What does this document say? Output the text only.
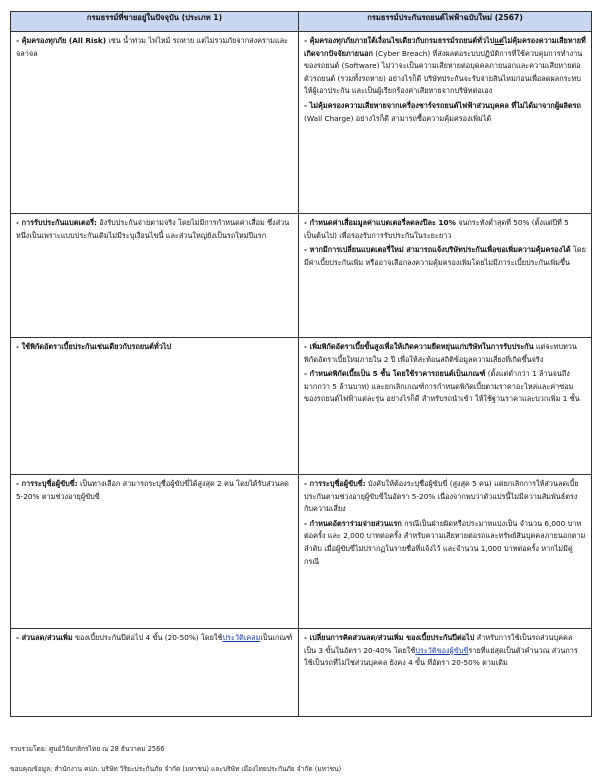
กรมธรรม์ที่ขายอยู่ในปัจจุบัน (ประเภท 1)	กรมธรรม์ประกันรถยนต์ไฟฟ้าฉบับใหม่ (2567)

- คุ้มครองทุกภัย (All Risk) เช่น น้ำท่วม ไฟไหม้ รถหาย แต่ไม่รวมภัยจากสงครามและจลาจล	- คุ้มครองทุกภัยภายใต้เงื่อนไขเดียวกับกรมธรรม์รถยนต์ทั่วไปแต่ไม่คุ้มครองความเสียหายที่เกิดจากปัจจัยภายนอก (Cyber Breach) ที่ส่งผลต่อระบบปฏิบัติการที่ใช้ควบคุมการทำงานของรถยนต์ (Software) ไม่ว่าจะเป็นความเสียหายต่อบุคคลภายนอกและความเสียหายต่อตัวรถยนต์ (รวมทั้งรถหาย) อย่างไรก็ดี บริษัทประกันจะรับจ่ายสินไหมก่อนเพื่อลดผลกระทบให้ผู้เอาประกัน และเป็นผู้เรียกร้องค่าเสียหายจากบริษัทต่อเอง
- ไม่คุ้มครองความเสียหายจากเครื่องชาร์จรถยนต์ไฟฟ้าส่วนบุคคล ที่ไม่ได้มาจากผู้ผลิตรถ (Wall Charge) อย่างไรก็ดี สามารถซื้อความคุ้มครองเพิ่มได้

- การรับประกันแบตเตอรี่: อังรับประกันจ่ายตามจริง โดยไม่มีการกำหนดค่าเสื่อม ซึ่งส่วนหนึ่งเป็นเพราะแบบประกันเดิมไม่มีระบุเงื่อนไขนี้ และส่วนใหญ่ยังเป็นรถใหม่ปีแรก	- กำหนดค่าเสื่อมมูลค่าแบตเตอรี่ลดลงปีละ 10% จนกระทั่งต่ำสุดที่ 50% (ตั้งแต่ปีที่ 5 เป็นต้นไป) เพื่อรองรับการรับประกันในระยะยาว
- หากมีการเปลี่ยนแบตเตอรี่ใหม่ สามารถแจ้งบริษัทประกันเพื่อขอเพิ่มความคุ้มครองได้ โดยมีค่าเบี้ยประกันเพิ่ม หรืออาจเลือกลงความคุ้มครองเพิ่มโดยไม่มีภาระเบี้ยประกันเพิ่มขึ้น

- ใช้พิกัดอัตราเบี้ยประกันเช่นเดียวกับรถยนต์ทั่วไป	- เพิ่มพิกัดอัตราเบี้ยขั้นสูงเพื่อให้เกิดความยืดหยุ่นแก่บริษัทในการรับประกัน แต่จะทบทวนพิกัดอัตราเบี้ยใหม่ภายใน 2 ปี เพื่อให้สะท้อนสถิติข้อมูลความเสี่ยงที่เกิดขึ้นจริง
- กำหนดพิกัดเบี้ยเป็น 5 ชั้น โดยใช้ราคารถยนต์เป็นเกณฑ์ (ตั้งแต่ต่ำกว่า 1 ล้านจนถึงมากกว่า 5 ล้านบาท) และยกเลิกเกณฑ์การกำหนดพิกัดเบี้ยตามราคาอะไหล่และค่าซ่อมของรถยนต์ไฟฟ้าแต่ละรุ่น อย่างไรก็ดี สำหรับรถนำเข้า ให้ใช้ฐานราคาและบวกเพิ่ม 1 ชั้น

- การระบุชื่อผู้ขับขี่: เป็นทางเลือก สามารถระบุชื่อผู้ขับขี่ได้สูงสุด 2 คน โดยได้รับส่วนลด 5-20% ตามช่วงอายุผู้ขับขี่	- การระบุชื่อผู้ขับขี่: บังคับให้ต้องระบุชื่อผู้ขับขี่ (สูงสุด 5 คน) แต่ยกเลิกการให้ส่วนลดเบี้ยประกันตามช่วงอายุผู้ขับขี่ในอัตรา 5-20% เนื่องจากพบว่าตัวแปรนี้ไม่มีความสัมพันธ์ตรงกับความเสี่ยง
- กำหนดอัตราร่วมจ่ายส่วนแรก กรณีเป็นฝ่ายผิดหรือประมาทแบ่งเป็น จำนวน 6,000 บาทต่อครั้ง และ 2,000 บาทต่อครั้ง สำหรับความเสียหายต่อรถและทรัพย์สินบุคคลภายนอกตามลำดับ เมื่อผู้ขับขี่ไม่ปรากฏในรายชื่อที่แจ้งไว้ และจำนวน 1,000 บาทต่อครั้ง หากไม่มีคู่กรณี

- ส่วนลด/ส่วนเพิ่ม ของเบี้ยประกันปีต่อไป 4 ขั้น (20-50%) โดยใช้ประวัติเคลมเป็นเกณฑ์	- เปลี่ยนการคิดส่วนลด/ส่วนเพิ่ม ของเบี้ยประกันปีต่อไป สำหรับการใช้เป็นรถส่วนบุคคล เป็น 3 ขั้นในอัตรา 20-40% โดยใช้ประวัติของผู้ขับขี่รายที่แย่สุดเป็นตัวคำนวณ ส่วนการใช้เป็นรถที่ไม่ใช่ส่วนบุคคล ยังคง 4 ขั้น ที่อัตรา 20-50% ตามเดิม
รวบรวมโดย: ศูนย์วิจัยกสิกรไทย ณ 28 ธันวาคม 2566
ขอบคุณข้อมูล: สำนักงาน คปภ. บริษัท วิริยะประกันภัย จำกัด (มหาชน) และบริษัท เมืองไทยประกันภัย จำกัด (มหาชน)
